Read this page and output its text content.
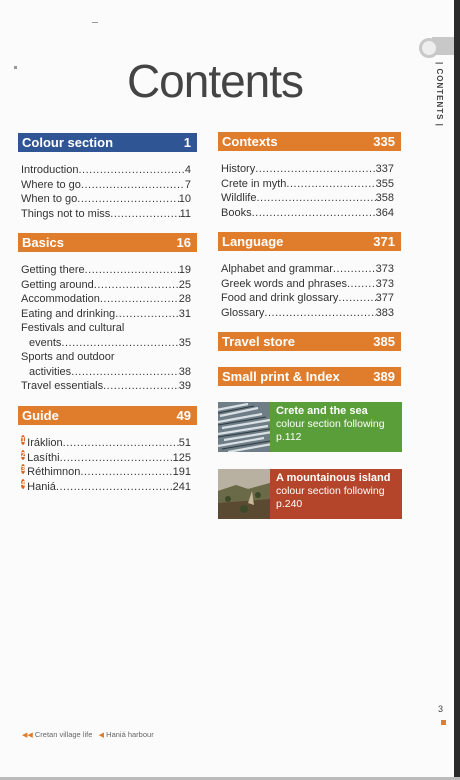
| CONTENTS |
Contents
Colour section	1
Introduction .....	4
Where to go .....	7
When to go .....	10
Things not to miss .....	11
Basics	16
Getting there .....	19
Getting around .....	25
Accommodation .....	28
Eating and drinking .....	31
Festivals and cultural
events .....	35
Sports and outdoor
activities .....	38
Travel essentials .....	39
Guide	49
1 Iráklion .....	51
2 Lasíthi .....	125
3 Réthimnon .....	191
4 Haniá .....	241
Contexts	335
History .....	337
Crete in myth .....	355
Wildlife .....	358
Books .....	364
Language	371
Alphabet and grammar .....	373
Greek words and phrases .....	373
Food and drink glossary .....	377
Glossary .....	383
Travel store	385
Small print & Index	389
Crete and the sea
colour section following
p.112
A mountainous island
colour section following
p.240
◀◀ Cretan village life ◀ Haniá harbour
3
